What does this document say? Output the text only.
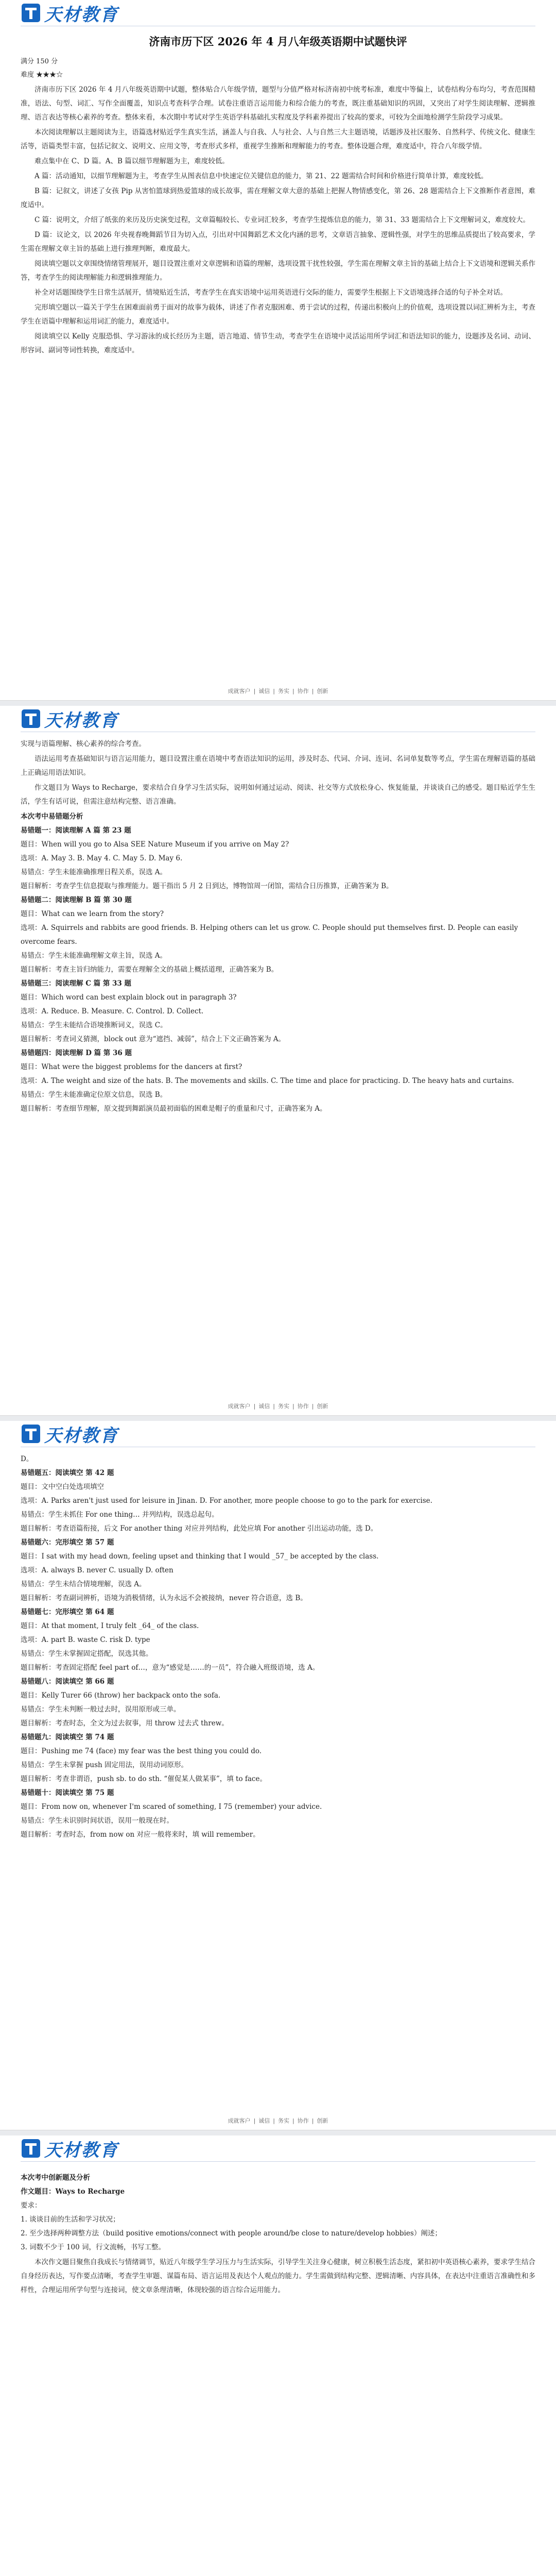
天材教育
济南市历下区 2026 年 4 月八年级英语期中试题快评
满分 150 分
难度 ★★★☆

济南市历下区 2026 年 4 月八年级英语期中试题，整体贴合八年级学情，题型与分值严格对标济南初中统考标准，难度中等偏上，试卷结构分布均匀，考查范围精准，语法、句型、词汇、写作全面覆盖，知识点考查科学合理。试卷注重语言运用能力和综合能力的考查，既注重基础知识的巩固，又突出了对学生阅读理解、逻辑推理、语言表达等核心素养的考查。整体来看，本次期中考试对学生英语学科基础扎实程度及学科素养提出了较高的要求，可较为全面地检测学生阶段学习成果。

本次阅读理解以主题阅读为主，语篇选材贴近学生真实生活，涵盖人与自我、人与社会、人与自然三大主题语境，话题涉及社区服务、自然科学、传统文化、健康生活等，语篇类型丰富，包括记叙文、说明文、应用文等，考查形式多样，重视学生推断和理解能力的考查。整体设题合理，难度适中，符合八年级学情。

难点集中在 C、D 篇。A、B 篇以细节理解题为主，难度较低。

A 篇：活动通知，以细节理解题为主，考查学生从图表信息中快速定位关键信息的能力，第 21、22 题需结合时间和价格进行简单计算，难度较低。

B 篇：记叙文，讲述了女孩 Pip 从害怕篮球到热爱篮球的成长故事，需在理解文章大意的基础上把握人物情感变化，第 26、28 题需结合上下文推断作者意图，难度适中。

C 篇：说明文，介绍了纸张的来历及历史演变过程，文章篇幅较长、专业词汇较多，考查学生提炼信息的能力，第 31、33 题需结合上下文理解词义，难度较大。

D 篇：议论文，以 2026 年央视春晚舞蹈节目为切入点，引出对中国舞蹈艺术文化内涵的思考，文章语言抽象、逻辑性强，对学生的思维品质提出了较高要求，学生需在理解文章主旨的基础上进行推理判断，难度最大。

阅读填空题以文章围绕情绪管理展开，题目设置注重对文章逻辑和语篇的理解，选项设置干扰性较强，学生需在理解文章主旨的基础上结合上下文语境和逻辑关系作答，考查学生的阅读理解能力和逻辑推理能力。

补全对话题围绕学生日常生活展开，情境贴近生活，考查学生在真实语境中运用英语进行交际的能力，需要学生根据上下文语境选择合适的句子补全对话。

完形填空题以一篇关于学生在困难面前勇于面对的故事为载体，讲述了作者克服困难、勇于尝试的过程，传递出积极向上的价值观，选项设置以词汇辨析为主，考查学生在语篇中理解和运用词汇的能力，难度适中。

阅读填空以 Kelly 克服恐惧、学习游泳的成长经历为主题，语言地道、情节生动，考查学生在语境中灵活运用所学词汇和语法知识的能力，设题涉及名词、动词、形容词、副词等词性转换，难度适中。

成就客户 | 诚信 | 务实 | 协作 | 创新
天材教育

实现与语篇理解、核心素养的综合考查。

语法运用考查基础知识与语言运用能力，题目设置注重在语境中考查语法知识的运用，涉及时态、代词、介词、连词、名词单复数等考点，学生需在理解语篇的基础上正确运用语法知识。

作文题目为 Ways to Recharge，要求结合自身学习生活实际，说明如何通过运动、阅读、社交等方式放松身心、恢复能量，并谈谈自己的感受。题目贴近学生生活，学生有话可说，但需注意结构完整、语言准确。

本次考中易错题分析

易错题一：阅读理解 A 篇 第 23 题

题目：When will you go to Alsa SEE Nature Museum if you arrive on May 2?

选项：A. May 3. B. May 4. C. May 5. D. May 6.

易错点：学生未能准确推理日程关系，误选 A。

题目解析：考查学生信息提取与推理能力。题干指出 5 月 2 日到达，博物馆周一闭馆，需结合日历推算，正确答案为 B。

易错题二：阅读理解 B 篇 第 30 题

题目：What can we learn from the story?

选项：A. Squirrels and rabbits are good friends. B. Helping others can let us grow. C. People should put themselves first. D. People can easily overcome fears.

易错点：学生未能准确理解文章主旨，误选 A。

题目解析：考查主旨归纳能力，需要在理解全文的基础上概括道理，正确答案为 B。

易错题三：阅读理解 C 篇 第 33 题

题目：Which word can best explain block out in paragraph 3?

选项：A. Reduce. B. Measure. C. Control. D. Collect.

易错点：学生未能结合语境推断词义，误选 C。

题目解析：考查词义猜测，block out 意为“遮挡、减弱”，结合上下文正确答案为 A。

易错题四：阅读理解 D 篇 第 36 题

题目：What were the biggest problems for the dancers at first?

选项：A. The weight and size of the hats. B. The movements and skills. C. The time and place for practicing. D. The heavy hats and curtains.

易错点：学生未能准确定位原文信息，误选 B。

题目解析：考查细节理解，原文提到舞蹈演员最初面临的困难是帽子的重量和尺寸，正确答案为 A。

成就客户 | 诚信 | 务实 | 协作 | 创新
天材教育

D。

易错题五：阅读填空 第 42 题

题目：文中空白处选项填空

选项：A. Parks aren't just used for leisure in Jinan. D. For another, more people choose to go to the park for exercise.

易错点：学生未抓住 For one thing… 并列结构，误选总起句。

题目解析：考查语篇衔接，后文 For another thing 对应并列结构，此处应填 For another 引出运动功能，选 D。

易错题六：完形填空 第 57 题

题目：I sat with my head down, feeling upset and thinking that I would _57_ be accepted by the class.

选项：A. always B. never C. usually D. often

易错点：学生未结合情境理解，误选 A。

题目解析：考查副词辨析，语境为消极情绪，认为永远不会被接纳，never 符合语意，选 B。

易错题七：完形填空 第 64 题

题目：At that moment, I truly felt _64_ of the class.

选项：A. part B. waste C. risk D. type

易错点：学生未掌握固定搭配，误选其他。

题目解析：考查固定搭配 feel part of…，意为“感觉是……的一员”，符合融入班级语境，选 A。

易错题八：阅读填空 第 66 题

题目：Kelly Turer 66 (throw) her backpack onto the sofa.

易错点：学生未判断一般过去时，误用原形或三单。

题目解析：考查时态，全文为过去叙事，用 throw 过去式 threw。

易错题九：阅读填空 第 74 题

题目：Pushing me 74 (face) my fear was the best thing you could do.

易错点：学生未掌握 push 固定用法，误用动词原形。

题目解析：考查非谓语，push sb. to do sth. “催促某人做某事”，填 to face。

易错题十：阅读填空 第 75 题

题目：From now on, whenever I'm scared of something, I 75 (remember) your advice.

易错点：学生未识别时间状语，误用一般现在时。

题目解析：考查时态，from now on 对应一般将来时，填 will remember。

成就客户 | 诚信 | 务实 | 协作 | 创新
天材教育

本次考中创新题及分析

作文题目：Ways to Recharge

要求：

1. 谈谈目前的生活和学习状况；

2. 至少选择两种调整方法（build positive emotions/connect with people around/be close to nature/develop hobbies）阐述；

3. 词数不少于 100 词，行文流畅，书写工整。

本次作文题目聚焦自我成长与情绪调节，贴近八年级学生学习压力与生活实际，引导学生关注身心健康，树立积极生活态度，紧扣初中英语核心素养，要求学生结合自身经历表达，写作要点清晰，考查学生审题、谋篇布局、语言运用及表达个人观点的能力。学生需做到结构完整、逻辑清晰、内容具体，在表达中注重语言准确性和多样性，合理运用所学句型与连接词，使文章条理清晰，体现较强的语言综合运用能力。
